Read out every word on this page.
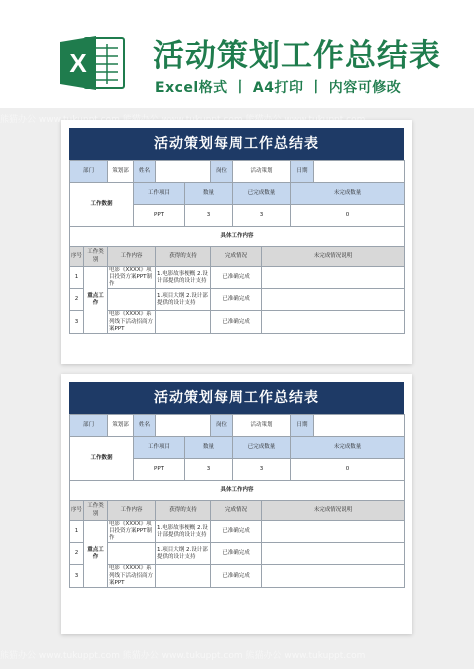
X 活动策划工作总结表
Excel格式 丨 A4打印 丨 内容可修改
活动策划每周工作总结表
部门		策划部	姓名			岗位	活动策划		日期	
工作数据			工作项目		数量		已完成数量		未完成数量	
			PPT		3		3		0	
具体工作内容										
序号	工作类别	工作内容		获得的支持		完成情况		未完成情况说明		
1	重点工作	电影《XXXX》项目投资方案PPT制作		1.电影故事梗概 2.设计部提供的设计支持		已准确完成				
2				1.项目大纲 2.设计部提供的设计支持		已准确完成				
3		电影《XXXX》系列线下活动招商方案PPT				已准确完成				
活动策划每周工作总结表
部门		策划部	姓名			岗位	活动策划		日期	
工作数据			工作项目		数量		已完成数量		未完成数量	
			PPT		3		3		0	
具体工作内容										
序号	工作类别	工作内容		获得的支持		完成情况		未完成情况说明		
1	重点工作	电影《XXXX》项目投资方案PPT制作		1.电影故事梗概 2.设计部提供的设计支持		已准确完成				
2				1.项目大纲 2.设计部提供的设计支持		已准确完成				
3		电影《XXXX》系列线下活动招商方案PPT				已准确完成				
熊猫办公 www.tukuppt.com 熊猫办公 www.tukuppt.com 熊猫办公 www.tukuppt.com
熊猫办公 www.tukuppt.com 熊猫办公 www.tukuppt.com 熊猫办公 www.tukuppt.com
